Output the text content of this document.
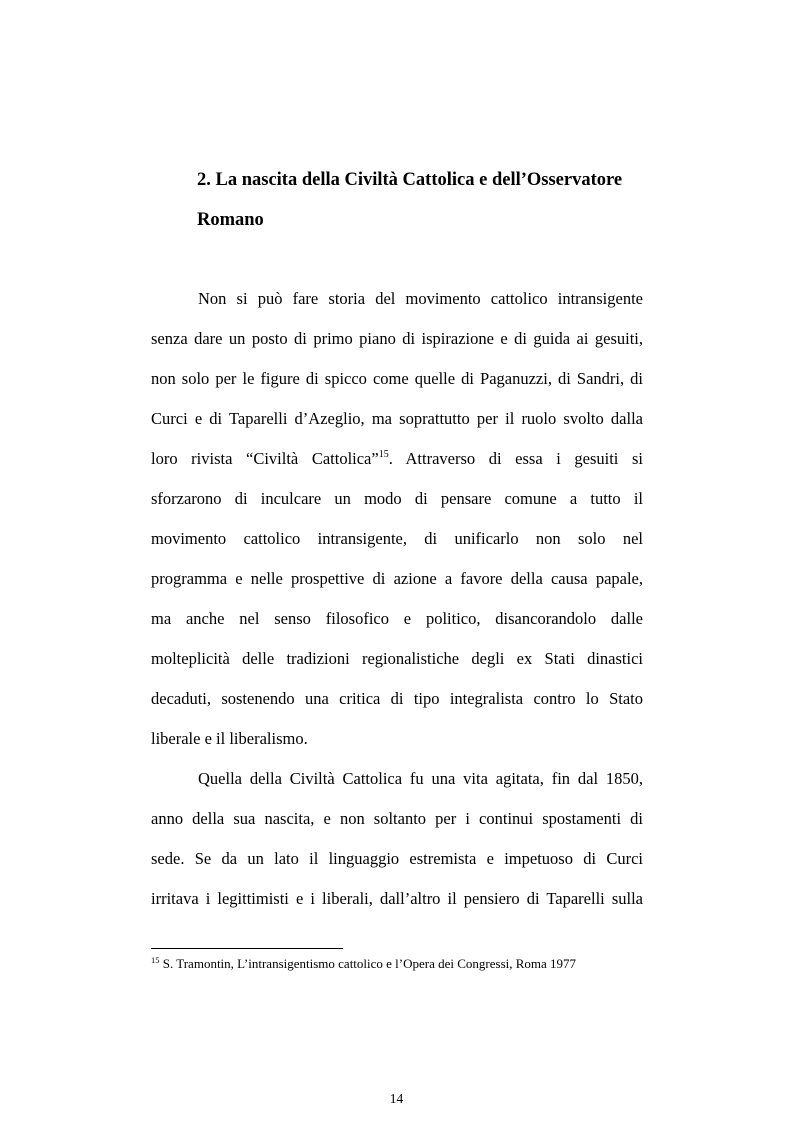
2. La nascita della Civiltà Cattolica e dell’Osservatore
Romano
Non si può fare storia del movimento cattolico intransigente
senza dare un posto di primo piano di ispirazione e di guida ai gesuiti,
non solo per le figure di spicco come quelle di Paganuzzi, di Sandri, di
Curci e di Taparelli d’Azeglio, ma soprattutto per il ruolo svolto dalla
loro rivista “Civiltà Cattolica”$^{15}$. Attraverso di essa i gesuiti si
sforzarono di inculcare un modo di pensare comune a tutto il
movimento cattolico intransigente, di unificarlo non solo nel
programma e nelle prospettive di azione a favore della causa papale,
ma anche nel senso filosofico e politico, disancorandolo dalle
molteplicità delle tradizioni regionalistiche degli ex Stati dinastici
decaduti, sostenendo una critica di tipo integralista contro lo Stato
liberale e il liberalismo.
Quella della Civiltà Cattolica fu una vita agitata, fin dal 1850,
anno della sua nascita, e non soltanto per i continui spostamenti di
sede. Se da un lato il linguaggio estremista e impetuoso di Curci
irritava i legittimisti e i liberali, dall’altro il pensiero di Taparelli sulla
$^{15}$ S. Tramontin, L’intransigentismo cattolico e l’Opera dei Congressi, Roma 1977
14
